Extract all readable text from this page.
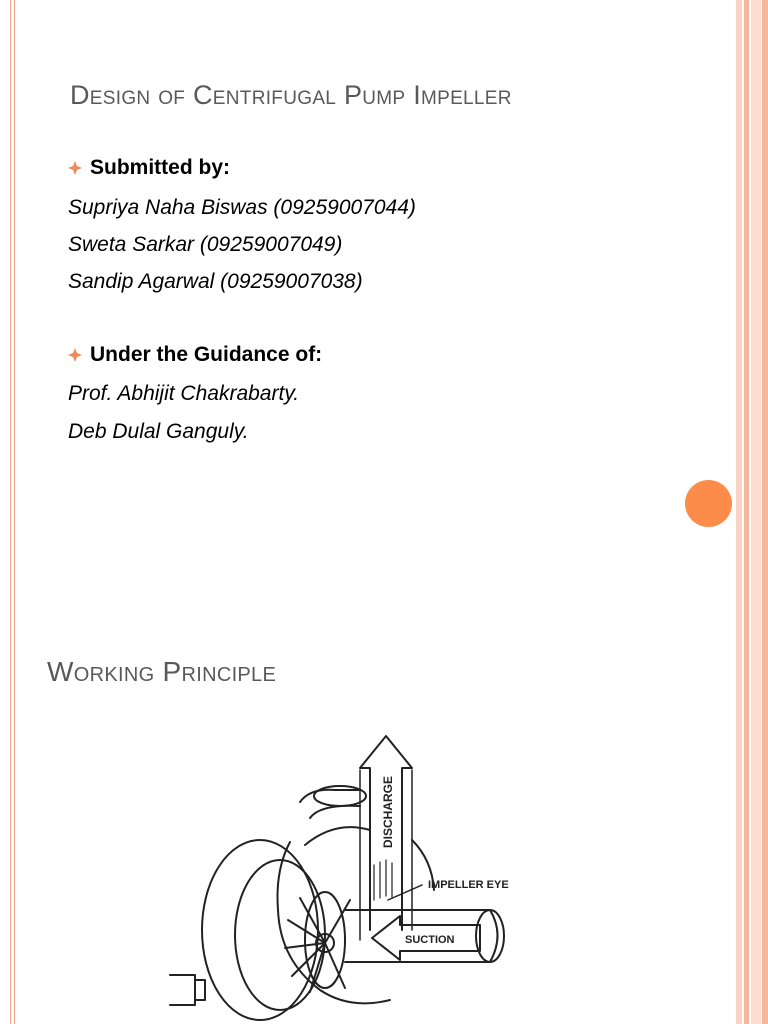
Design of Centrifugal Pump Impeller
Submitted by:
Supriya Naha Biswas (09259007044)
Sweta Sarkar (09259007049)
Sandip Agarwal (09259007038)
Under the Guidance of:
Prof. Abhijit Chakrabarty.
Deb Dulal Ganguly.
Working Principle
DISCHARGE
IMPELLER EYE
SUCTION
